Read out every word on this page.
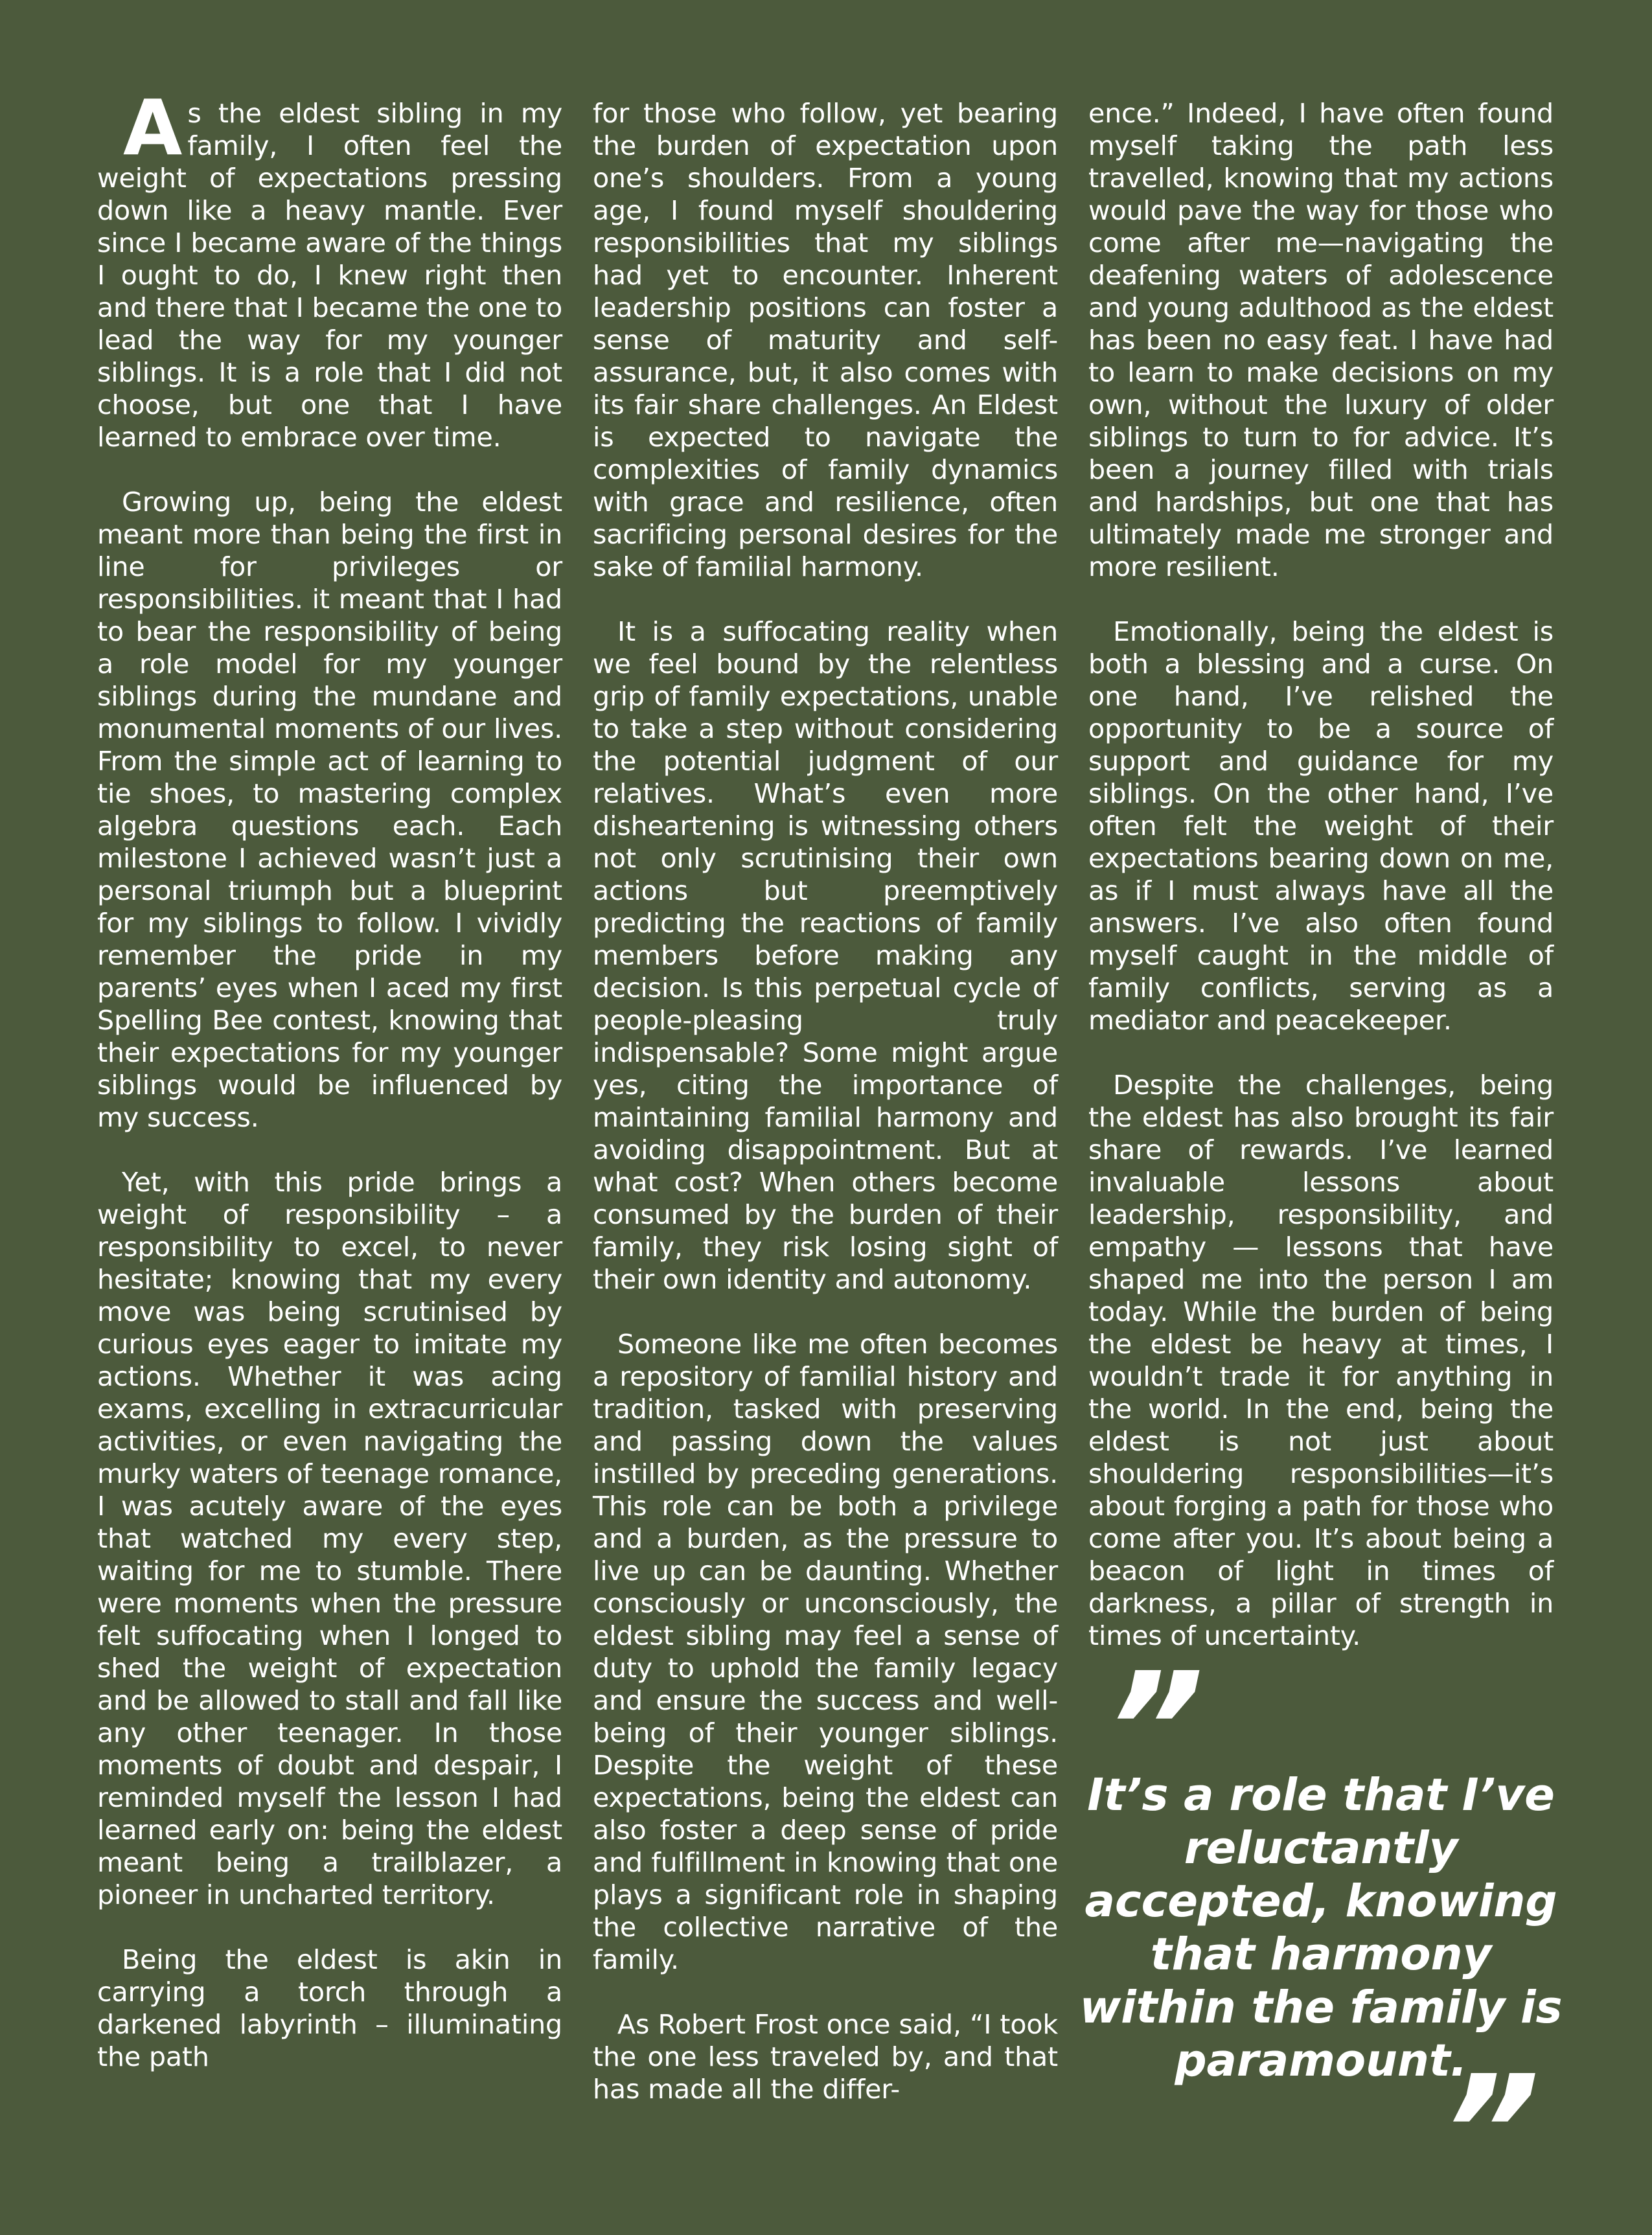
As the eldest sibling in my family, I often feel the weight of expectations pressing down like a heavy mantle. Ever since I became aware of the things I ought to do, I knew right then and there that I became the one to lead the way for my younger siblings. It is a role that I did not choose, but one that I have learned to embrace over time.

Growing up, being the eldest meant more than being the first in line for privileges or responsibilities. it meant that I had to bear the responsibility of being a role model for my younger siblings during the mundane and monumental moments of our lives. From the simple act of learning to tie shoes, to mastering complex algebra questions each. Each milestone I achieved wasn’t just a personal triumph but a blueprint for my siblings to follow. I vividly remember the pride in my parents’ eyes when I aced my first Spelling Bee contest, knowing that their expectations for my younger siblings would be influenced by my success.

Yet, with this pride brings a weight of responsibility – a responsibility to excel, to never hesitate; knowing that my every move was being scrutinised by curious eyes eager to imitate my actions. Whether it was acing exams, excelling in extracurricular activities, or even navigating the murky waters of teenage romance, I was acutely aware of the eyes that watched my every step, waiting for me to stumble. There were moments when the pressure felt suffocating when I longed to shed the weight of expectation and be allowed to stall and fall like any other teenager. In those moments of doubt and despair, I reminded myself the lesson I had learned early on: being the eldest meant being a trailblazer, a pioneer in uncharted territory.

Being the eldest is akin in carrying a torch through a darkened labyrinth – illuminating the path

for those who follow, yet bearing the burden of expectation upon one’s shoulders. From a young age, I found myself shouldering responsibilities that my siblings had yet to encounter. Inherent leadership positions can foster a sense of maturity and self-assurance, but, it also comes with its fair share challenges. An Eldest is expected to navigate the complexities of family dynamics with grace and resilience, often sacrificing personal desires for the sake of familial harmony.

It is a suffocating reality when we feel bound by the relentless grip of family expectations, unable to take a step without considering the potential judgment of our relatives. What’s even more disheartening is witnessing others not only scrutinising their own actions but preemptively predicting the reactions of family members before making any decision. Is this perpetual cycle of people-pleasing truly indispensable? Some might argue yes, citing the importance of maintaining familial harmony and avoiding disappointment. But at what cost? When others become consumed by the burden of their family, they risk losing sight of their own identity and autonomy.

Someone like me often becomes a repository of familial history and tradition, tasked with preserving and passing down the values instilled by preceding generations. This role can be both a privilege and a burden, as the pressure to live up can be daunting. Whether consciously or unconsciously, the eldest sibling may feel a sense of duty to uphold the family legacy and ensure the success and well-being of their younger siblings. Despite the weight of these expectations, being the eldest can also foster a deep sense of pride and fulfillment in knowing that one plays a significant role in shaping the collective narrative of the family.

As Robert Frost once said, “I took the one less traveled by, and that has made all the differ-

ence.” Indeed, I have often found myself taking the path less travelled, knowing that my actions would pave the way for those who come after me—navigating the deafening waters of adolescence and young adulthood as the eldest has been no easy feat. I have had to learn to make decisions on my own, without the luxury of older siblings to turn to for advice. It’s been a journey filled with trials and hardships, but one that has ultimately made me stronger and more resilient.

Emotionally, being the eldest is both a blessing and a curse. On one hand, I’ve relished the opportunity to be a source of support and guidance for my siblings. On the other hand, I’ve often felt the weight of their expectations bearing down on me, as if I must always have all the answers. I’ve also often found myself caught in the middle of family conflicts, serving as a mediator and peacekeeper.

Despite the challenges, being the eldest has also brought its fair share of rewards. I’ve learned invaluable lessons about leadership, responsibility, and empathy — lessons that have shaped me into the person I am today. While the burden of being the eldest be heavy at times, I wouldn’t trade it for anything in the world. In the end, being the eldest is not just about shouldering responsibilities—it’s about forging a path for those who come after you. It’s about being a beacon of light in times of darkness, a pillar of strength in times of uncertainty.

”
It’s a role that I’ve reluctantly accepted, knowing that harmony within the family is paramount.
”
